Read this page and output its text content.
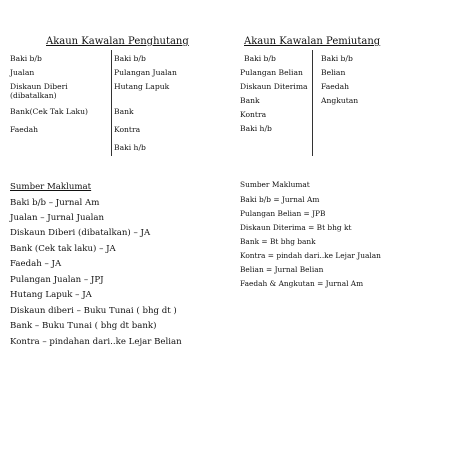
Akaun Kawalan Penghutang
Baki b/b
Jualan
Diskaun Diberi
(dibatalkan)
Bank(Cek Tak Laku)
Faedah
Baki b/b
Pulangan Jualan
Hutang Lapuk
Bank
Kontra
Baki h/b
Akaun Kawalan Pemiutang
Baki b/b
Pulangan Belian
Diskaun Diterima
Bank
Kontra
Baki h/b
Baki b/b
Belian
Faedah
Angkutan
Sumber Maklumat
Baki b/b – Jurnal Am
Jualan – Jurnal Jualan
Diskaun Diberi (dibatalkan) – JA
Bank (Cek tak laku) – JA
Faedah – JA
Pulangan Jualan – JPJ
Hutang Lapuk – JA
Diskaun diberi – Buku Tunai ( bhg dt )
Bank – Buku Tunai ( bhg dt bank)
Kontra – pindahan dari..ke Lejar Belian
Sumber Maklumat
Baki b/b = Jurnal Am
Pulangan Belian = JPB
Diskaun Diterima = Bt bhg kt
Bank = Bt bhg bank
Kontra = pindah dari..ke Lejar Jualan
Belian = Jurnal Belian
Faedah & Angkutan = Jurnal Am
